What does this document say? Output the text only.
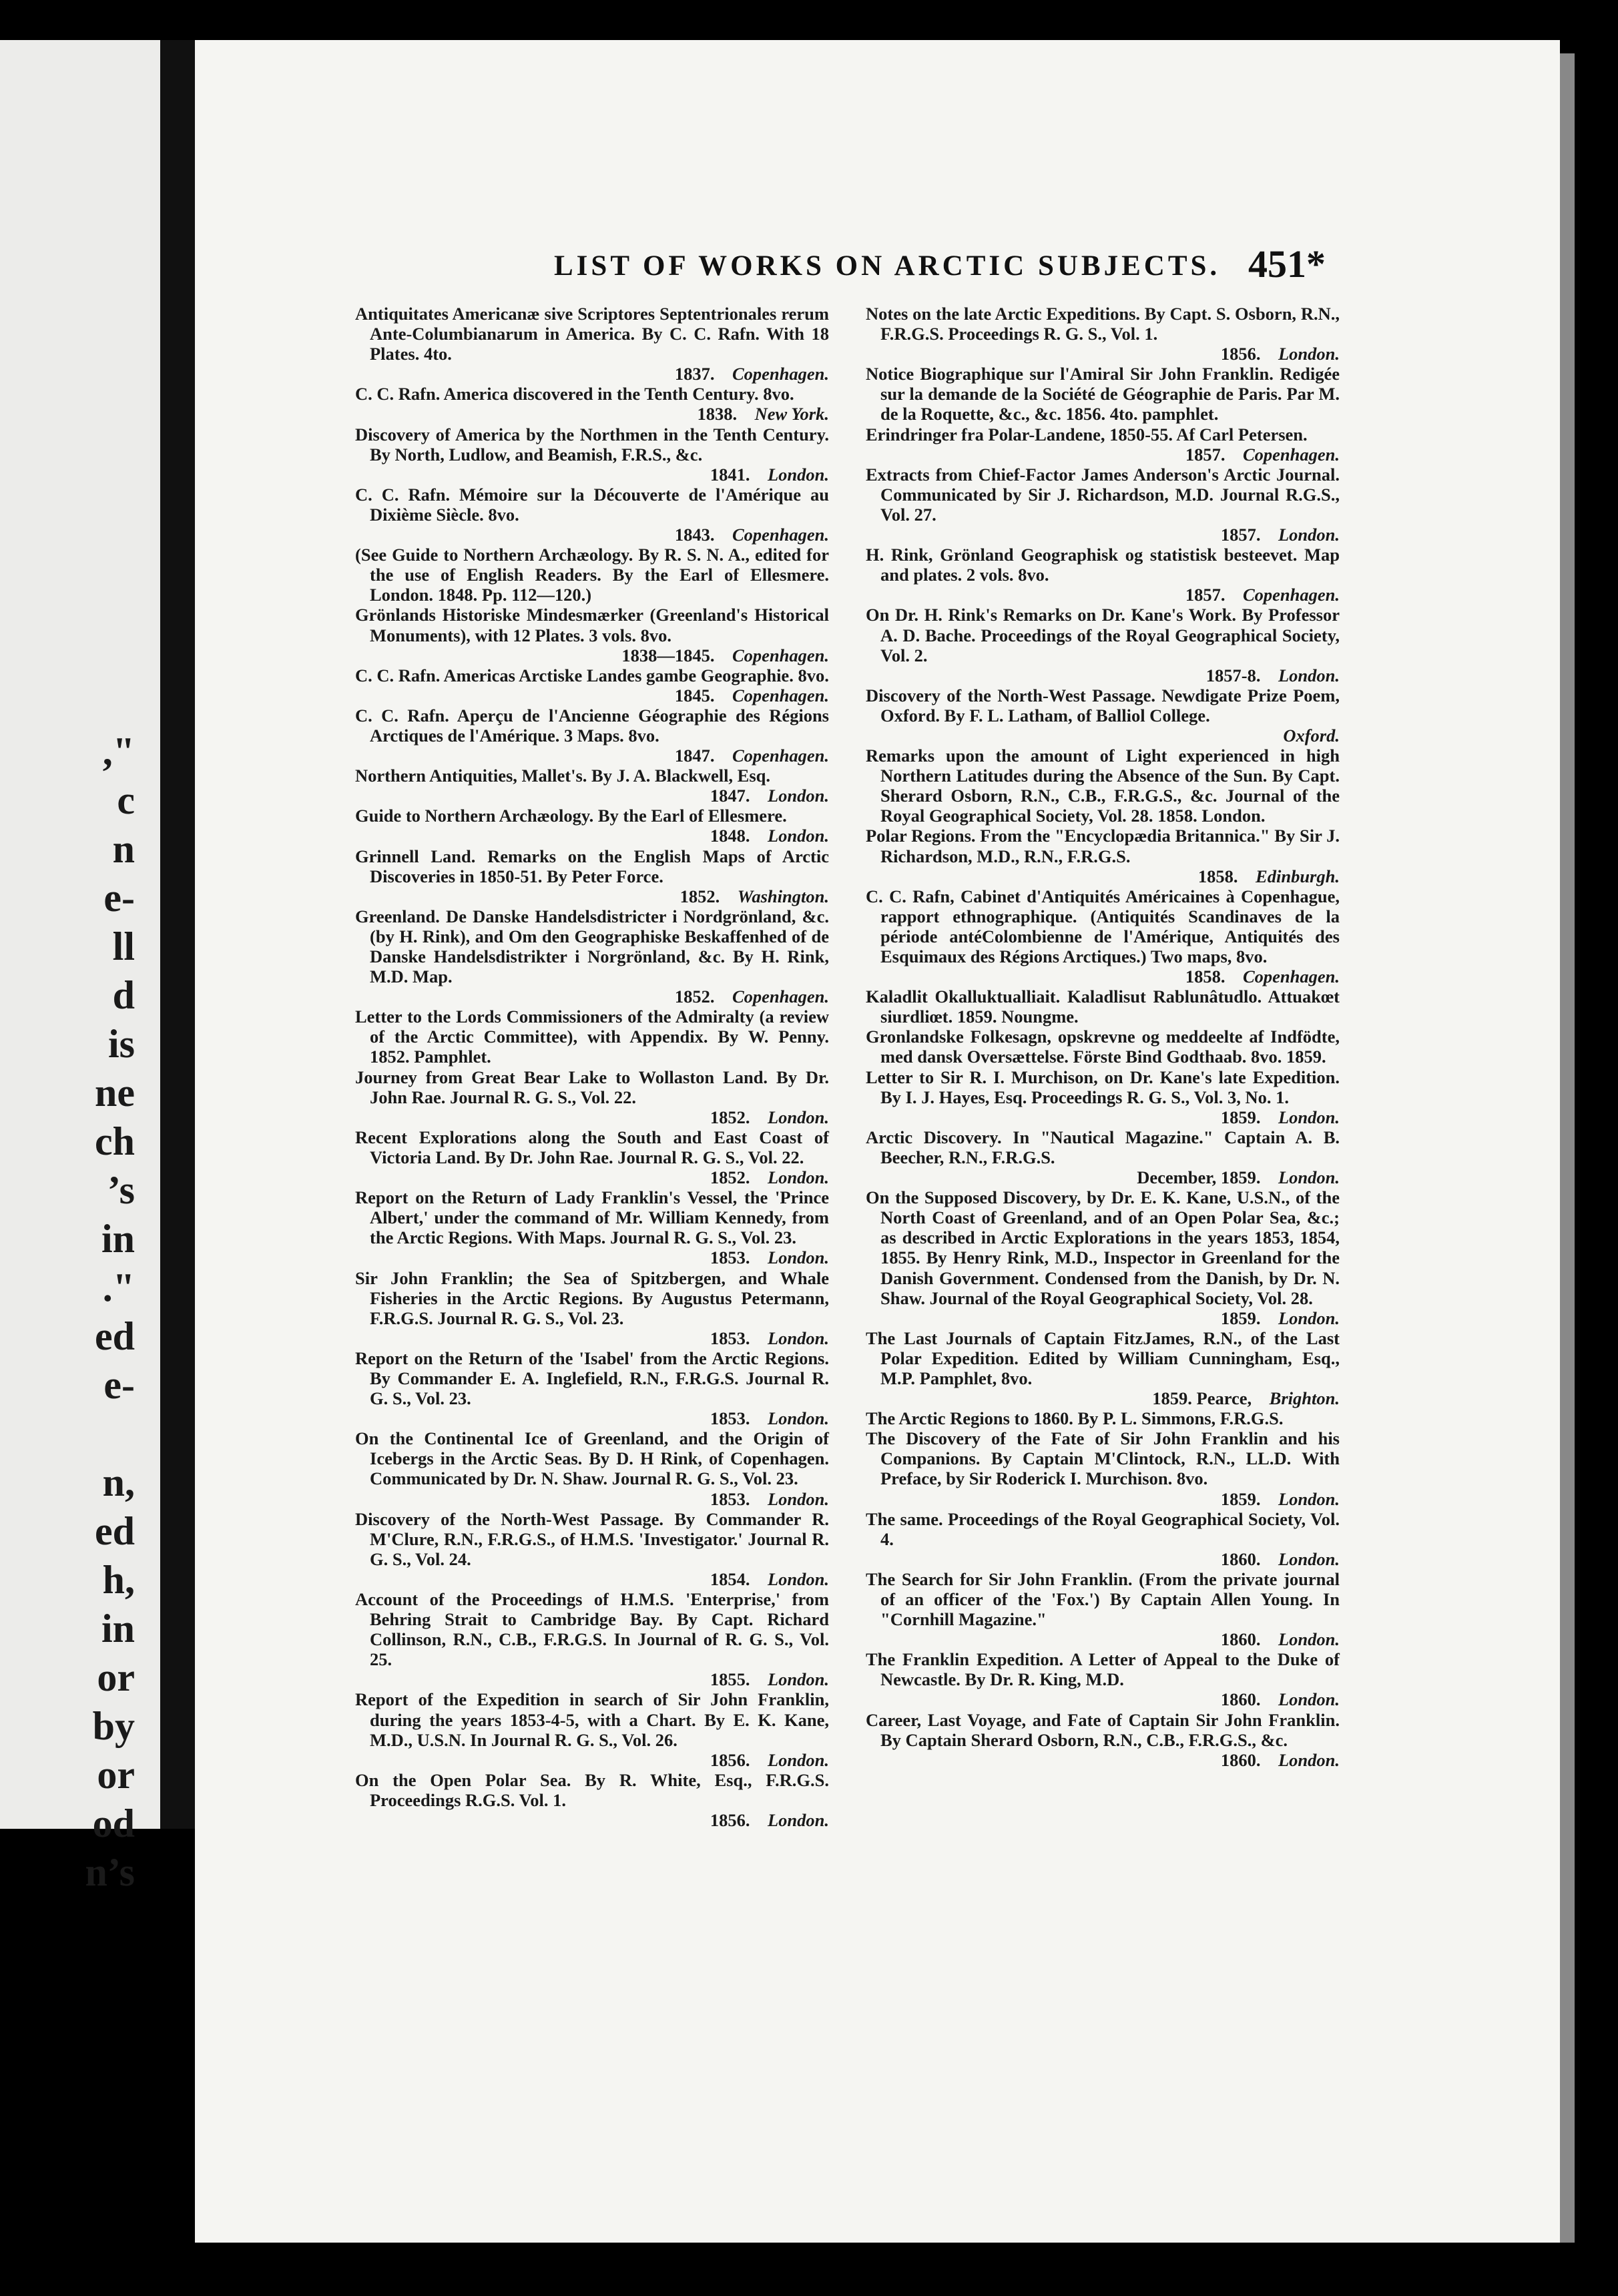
,"
c
n
e-
ll
d
is
ne
ch
’s
in
."
ed
e-
n,
ed
h,
in
or
by
or
od
n’s
LIST OF WORKS ON ARCTIC SUBJECTS. 451*

Antiquitates Americanæ sive Scriptores Septentrionales rerum Ante-Columbianarum in America. By C. C. Rafn. With 18 Plates. 4to.
1837.  Copenhagen.

C. C. Rafn. America discovered in the Tenth Century. 8vo.
1838.  New York.

Discovery of America by the Northmen in the Tenth Century. By North, Ludlow, and Beamish, F.R.S., &c.
1841.  London.

C. C. Rafn. Mémoire sur la Découverte de l'Amérique au Dixième Siècle. 8vo.
1843.  Copenhagen.

(See Guide to Northern Archæology. By R. S. N. A., edited for the use of English Readers. By the Earl of Ellesmere. London. 1848. Pp. 112—120.)

Grönlands Historiske Mindesmærker (Greenland's Historical Monuments), with 12 Plates. 3 vols. 8vo.
1838—1845.  Copenhagen.

C. C. Rafn. Americas Arctiske Landes gambe Geographie. 8vo.
1845.  Copenhagen.

C. C. Rafn. Aperçu de l'Ancienne Géographie des Régions Arctiques de l'Amérique. 3 Maps. 8vo.
1847.  Copenhagen.

Northern Antiquities, Mallet's. By J. A. Blackwell, Esq.
1847.  London.

Guide to Northern Archæology. By the Earl of Ellesmere.
1848.  London.

Grinnell Land. Remarks on the English Maps of Arctic Discoveries in 1850-51. By Peter Force.
1852.  Washington.

Greenland. De Danske Handelsdistricter i Nordgrönland, &c. (by H. Rink), and Om den Geographiske Beskaffenhed of de Danske Handelsdistrikter i Norgrönland, &c. By H. Rink, M.D. Map.
1852.  Copenhagen.

Letter to the Lords Commissioners of the Admiralty (a review of the Arctic Committee), with Appendix. By W. Penny. 1852. Pamphlet.

Journey from Great Bear Lake to Wollaston Land. By Dr. John Rae. Journal R. G. S., Vol. 22.
1852.  London.

Recent Explorations along the South and East Coast of Victoria Land. By Dr. John Rae. Journal R. G. S., Vol. 22.
1852.  London.

Report on the Return of Lady Franklin's Vessel, the 'Prince Albert,' under the command of Mr. William Kennedy, from the Arctic Regions. With Maps. Journal R. G. S., Vol. 23.
1853.  London.

Sir John Franklin; the Sea of Spitzbergen, and Whale Fisheries in the Arctic Regions. By Augustus Petermann, F.R.G.S. Journal R. G. S., Vol. 23.
1853.  London.

Report on the Return of the 'Isabel' from the Arctic Regions. By Commander E. A. Inglefield, R.N., F.R.G.S. Journal R. G. S., Vol. 23.
1853.  London.

On the Continental Ice of Greenland, and the Origin of Icebergs in the Arctic Seas. By D. H Rink, of Copenhagen. Communicated by Dr. N. Shaw. Journal R. G. S., Vol. 23.
1853.  London.

Discovery of the North-West Passage. By Commander R. M'Clure, R.N., F.R.G.S., of H.M.S. 'Investigator.' Journal R. G. S., Vol. 24.
1854.  London.

Account of the Proceedings of H.M.S. 'Enterprise,' from Behring Strait to Cambridge Bay. By Capt. Richard Collinson, R.N., C.B., F.R.G.S. In Journal of R. G. S., Vol. 25.
1855.  London.

Report of the Expedition in search of Sir John Franklin, during the years 1853-4-5, with a Chart. By E. K. Kane, M.D., U.S.N. In Journal R. G. S., Vol. 26.
1856.  London.

On the Open Polar Sea. By R. White, Esq., F.R.G.S. Proceedings R.G.S. Vol. 1.
1856.  London.

Notes on the late Arctic Expeditions. By Capt. S. Osborn, R.N., F.R.G.S. Proceedings R. G. S., Vol. 1.
1856.  London.

Notice Biographique sur l'Amiral Sir John Franklin. Redigée sur la demande de la Société de Géographie de Paris. Par M. de la Roquette, &c., &c. 1856. 4to. pamphlet.

Erindringer fra Polar-Landene, 1850-55. Af Carl Petersen.
1857.  Copenhagen.

Extracts from Chief-Factor James Anderson's Arctic Journal. Communicated by Sir J. Richardson, M.D. Journal R.G.S., Vol. 27.
1857.  London.

H. Rink, Grönland Geographisk og statistisk besteevet. Map and plates. 2 vols. 8vo.
1857.  Copenhagen.

On Dr. H. Rink's Remarks on Dr. Kane's Work. By Professor A. D. Bache. Proceedings of the Royal Geographical Society, Vol. 2.
1857-8.  London.

Discovery of the North-West Passage. Newdigate Prize Poem, Oxford. By F. L. Latham, of Balliol College.
Oxford.

Remarks upon the amount of Light experienced in high Northern Latitudes during the Absence of the Sun. By Capt. Sherard Osborn, R.N., C.B., F.R.G.S., &c. Journal of the Royal Geographical Society, Vol. 28. 1858. London.

Polar Regions. From the "Encyclopædia Britannica." By Sir J. Richardson, M.D., R.N., F.R.G.S.
1858.  Edinburgh.

C. C. Rafn, Cabinet d'Antiquités Américaines à Copenhague, rapport ethnographique. (Antiquités Scandinaves de la période antéColombienne de l'Amérique, Antiquités des Esquimaux des Régions Arctiques.) Two maps, 8vo.
1858.  Copenhagen.

Kaladlit Okalluktualliait. Kaladlisut Rablunâtudlo. Attuakœt siurdliœt. 1859. Noungme.

Gronlandske Folkesagn, opskrevne og meddeelte af Indfödte, med dansk Oversættelse. Förste Bind Godthaab. 8vo. 1859.

Letter to Sir R. I. Murchison, on Dr. Kane's late Expedition. By I. J. Hayes, Esq. Proceedings R. G. S., Vol. 3, No. 1.
1859.  London.

Arctic Discovery. In "Nautical Magazine." Captain A. B. Beecher, R.N., F.R.G.S.
December, 1859.  London.

On the Supposed Discovery, by Dr. E. K. Kane, U.S.N., of the North Coast of Greenland, and of an Open Polar Sea, &c.; as described in Arctic Explorations in the years 1853, 1854, 1855. By Henry Rink, M.D., Inspector in Greenland for the Danish Government. Condensed from the Danish, by Dr. N. Shaw. Journal of the Royal Geographical Society, Vol. 28.
1859.  London.

The Last Journals of Captain FitzJames, R.N., of the Last Polar Expedition. Edited by William Cunningham, Esq., M.P. Pamphlet, 8vo.
1859. Pearce,  Brighton.

The Arctic Regions to 1860. By P. L. Simmons, F.R.G.S.

The Discovery of the Fate of Sir John Franklin and his Companions. By Captain M'Clintock, R.N., LL.D. With Preface, by Sir Roderick I. Murchison. 8vo.
1859.  London.

The same. Proceedings of the Royal Geographical Society, Vol. 4.
1860.  London.

The Search for Sir John Franklin. (From the private journal of an officer of the 'Fox.') By Captain Allen Young. In "Cornhill Magazine."
1860.  London.

The Franklin Expedition. A Letter of Appeal to the Duke of Newcastle. By Dr. R. King, M.D.
1860.  London.

Career, Last Voyage, and Fate of Captain Sir John Franklin. By Captain Sherard Osborn, R.N., C.B., F.R.G.S., &c.
1860.  London.
